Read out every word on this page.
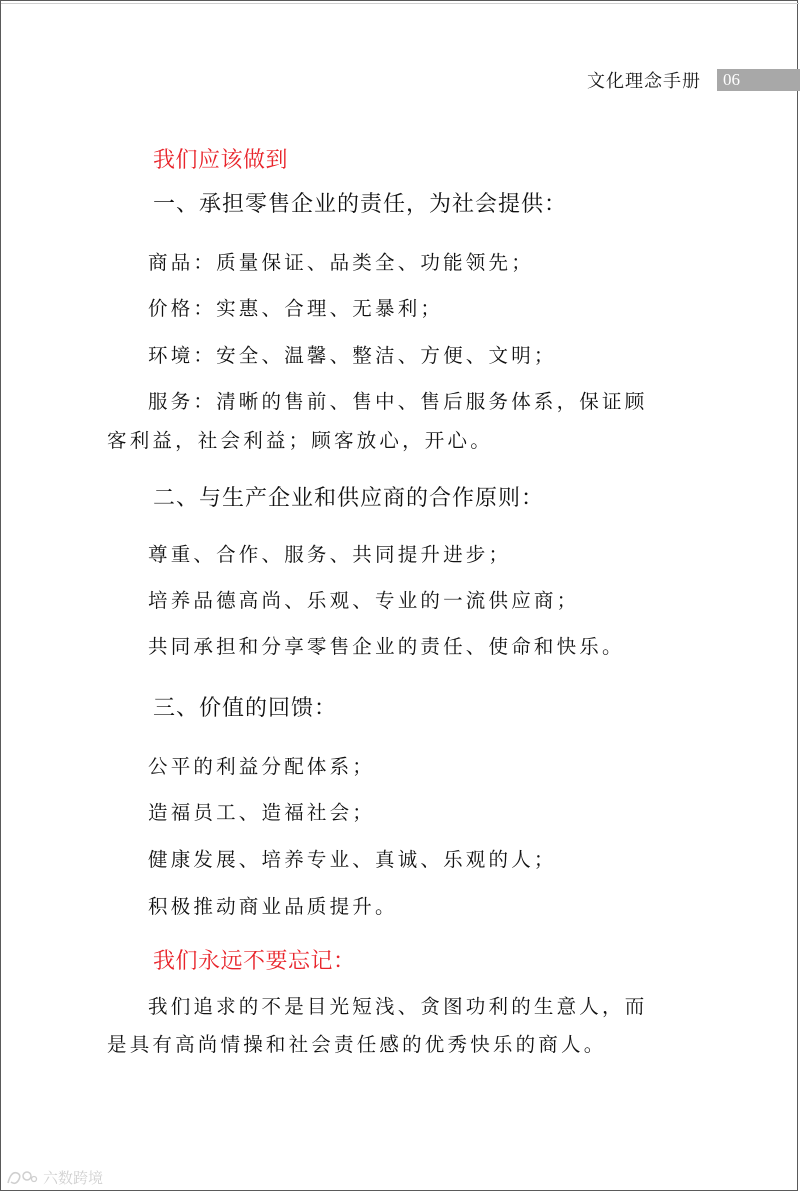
文化理念手册	06
我们应该做到
一、承担零售企业的责任，为社会提供：
商品：质量保证、品类全、功能领先；
价格：实惠、合理、无暴利；
环境：安全、温馨、整洁、方便、文明；
服务：清晰的售前、售中、售后服务体系，保证顾
客利益，社会利益；顾客放心，开心。
二、与生产企业和供应商的合作原则：
尊重、合作、服务、共同提升进步；
培养品德高尚、乐观、专业的一流供应商；
共同承担和分享零售企业的责任、使命和快乐。
三、价值的回馈：
公平的利益分配体系；
造福员工、造福社会；
健康发展、培养专业、真诚、乐观的人；
积极推动商业品质提升。
我们永远不要忘记：
我们追求的不是目光短浅、贪图功利的生意人，而
是具有高尚情操和社会责任感的优秀快乐的商人。
六数跨境
